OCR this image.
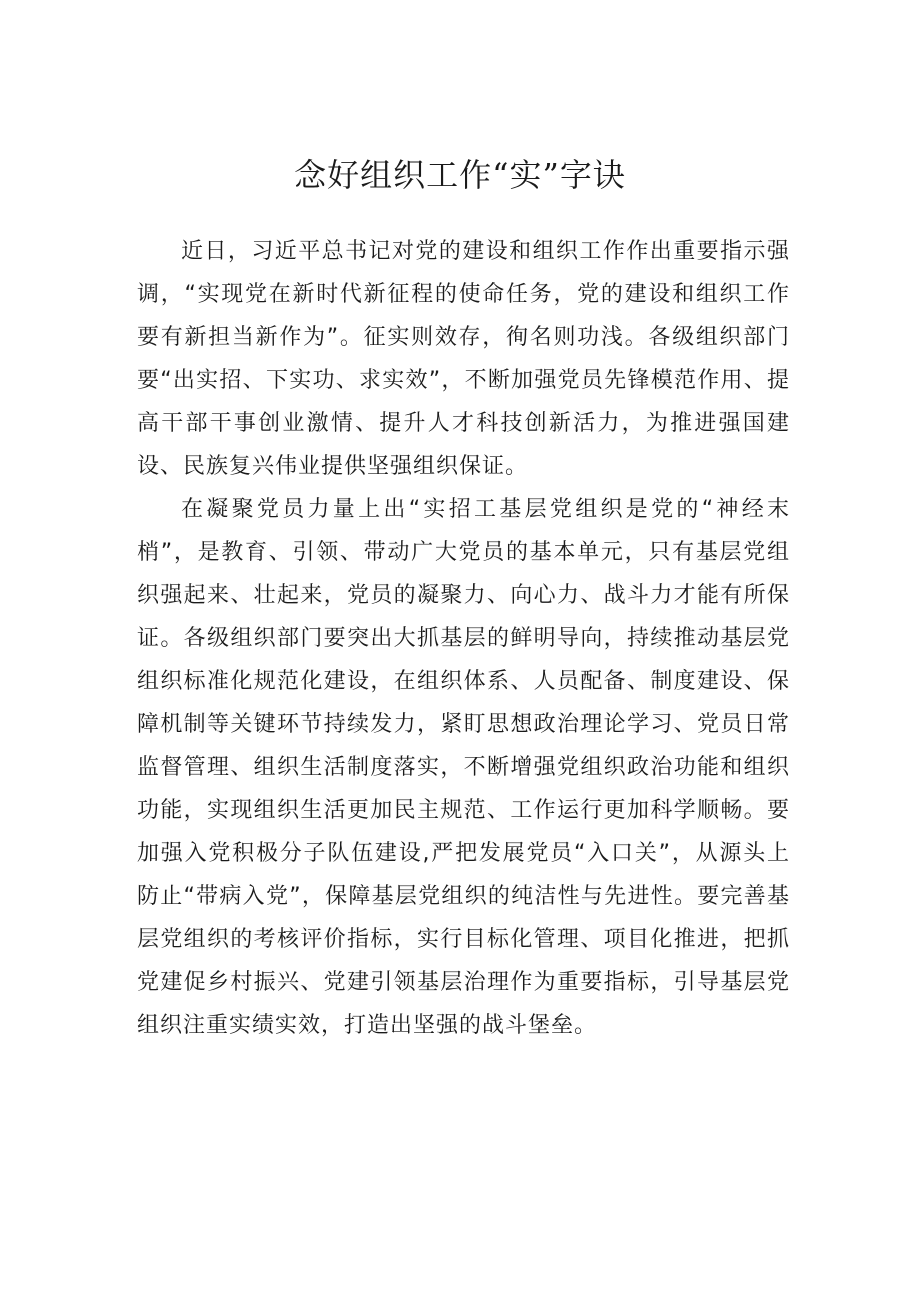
念好组织工作“实”字诀

近日，习近平总书记对党的建设和组织工作作出重要指示强调，“实现党在新时代新征程的使命任务，党的建设和组织工作要有新担当新作为”。征实则效存，徇名则功浅。各级组织部门要“出实招、下实功、求实效”，不断加强党员先锋模范作用、提高干部干事创业激情、提升人才科技创新活力，为推进强国建设、民族复兴伟业提供坚强组织保证。

在凝聚党员力量上出“实招工基层党组织是党的“神经末梢”，是教育、引领、带动广大党员的基本单元，只有基层党组织强起来、壮起来，党员的凝聚力、向心力、战斗力才能有所保证。各级组织部门要突出大抓基层的鲜明导向，持续推动基层党组织标准化规范化建设，在组织体系、人员配备、制度建设、保障机制等关键环节持续发力，紧盯思想政治理论学习、党员日常监督管理、组织生活制度落实，不断增强党组织政治功能和组织功能，实现组织生活更加民主规范、工作运行更加科学顺畅。要加强入党积极分子队伍建设,严把发展党员“入口关”，从源头上防止“带病入党”，保障基层党组织的纯洁性与先进性。要完善基层党组织的考核评价指标，实行目标化管理、项目化推进，把抓党建促乡村振兴、党建引领基层治理作为重要指标，引导基层党组织注重实绩实效，打造出坚强的战斗堡垒。
